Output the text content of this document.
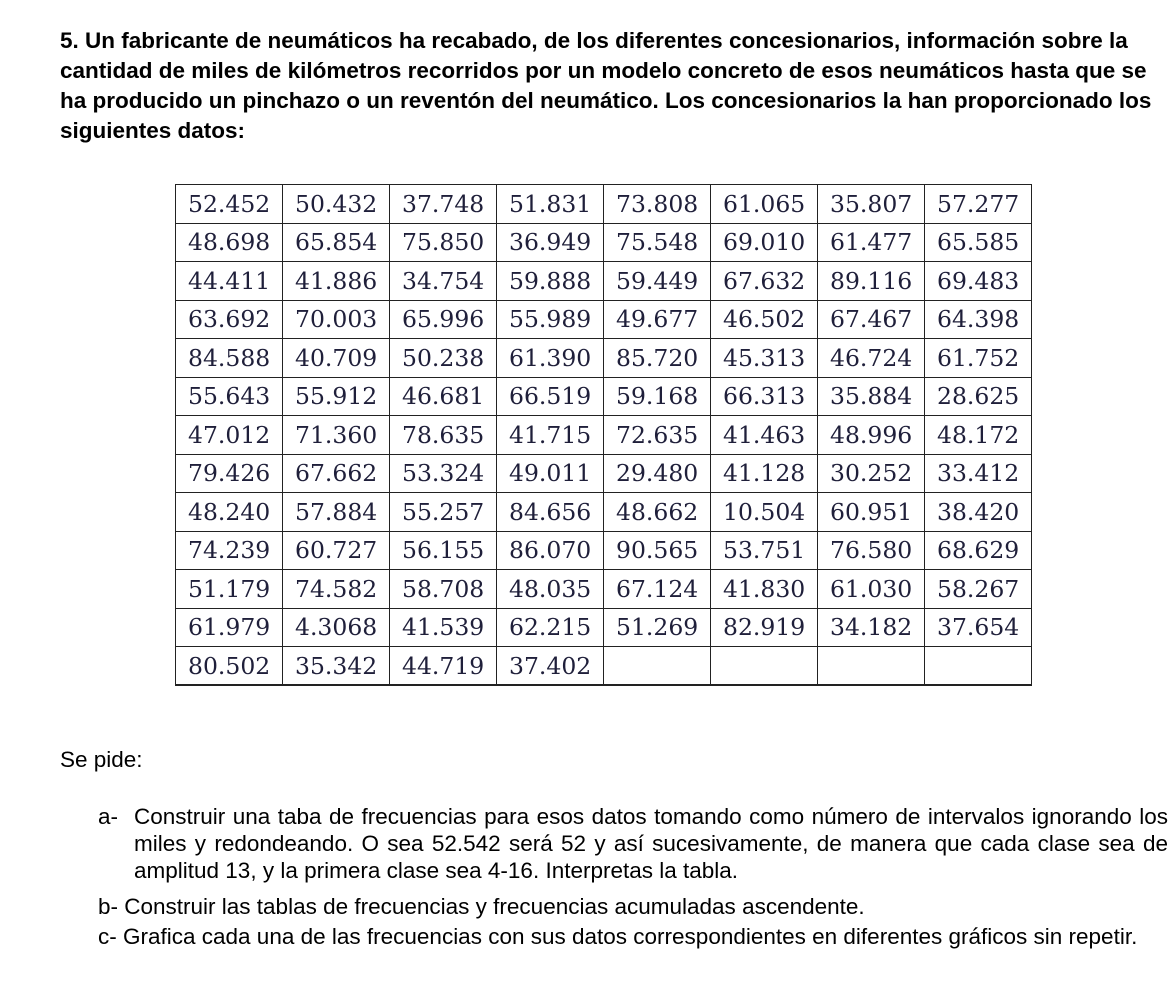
5. Un fabricante de neumáticos ha recabado, de los diferentes concesionarios, información sobre la cantidad de miles de kilómetros recorridos por un modelo concreto de esos neumáticos hasta que se ha producido un pinchazo o un reventón del neumático. Los concesionarios la han proporcionado los siguientes datos:

52.452	50.432	37.748	51.831	73.808	61.065	35.807	57.277
48.698	65.854	75.850	36.949	75.548	69.010	61.477	65.585
44.411	41.886	34.754	59.888	59.449	67.632	89.116	69.483
63.692	70.003	65.996	55.989	49.677	46.502	67.467	64.398
84.588	40.709	50.238	61.390	85.720	45.313	46.724	61.752
55.643	55.912	46.681	66.519	59.168	66.313	35.884	28.625
47.012	71.360	78.635	41.715	72.635	41.463	48.996	48.172
79.426	67.662	53.324	49.011	29.480	41.128	30.252	33.412
48.240	57.884	55.257	84.656	48.662	10.504	60.951	38.420
74.239	60.727	56.155	86.070	90.565	53.751	76.580	68.629
51.179	74.582	58.708	48.035	67.124	41.830	61.030	58.267
61.979	4.3068	41.539	62.215	51.269	82.919	34.182	37.654
80.502	35.342	44.719	37.402				

Se pide:

a- Construir una taba de frecuencias para esos datos tomando como número de intervalos ignorando los miles y redondeando. O sea 52.542 será 52 y así sucesivamente, de manera que cada clase sea de amplitud 13, y la primera clase sea 4-16. Interpretas la tabla.

b- Construir las tablas de frecuencias y frecuencias acumuladas ascendente.

c- Grafica cada una de las frecuencias con sus datos correspondientes en diferentes gráficos sin repetir.
